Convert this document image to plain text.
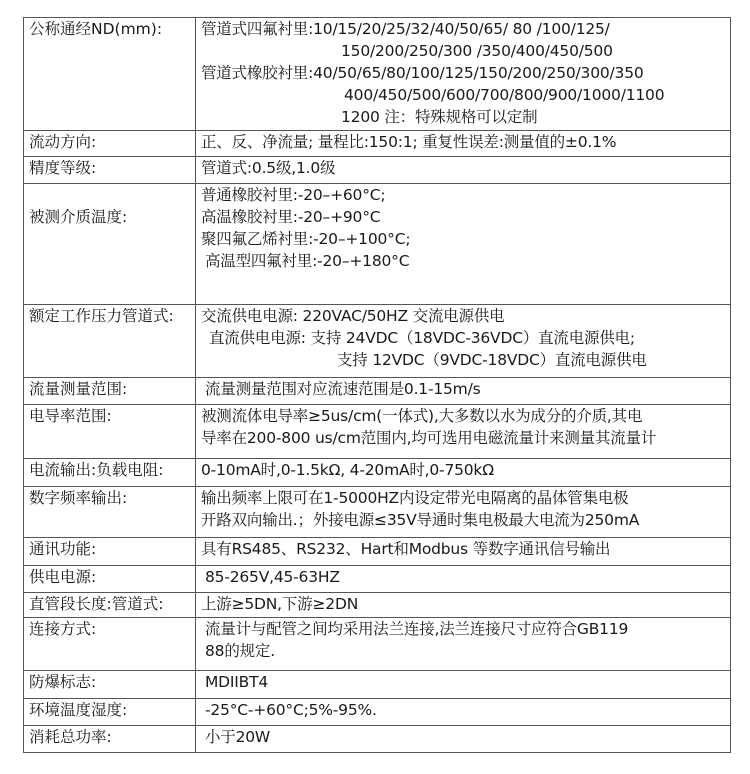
公称通经ND(mm):	管道式四氟衬里:10/15/20/25/32/40/50/65/ 80 /100/125/
150/200/250/300 /350/400/450/500
管道式橡胶衬里:40/50/65/80/100/125/150/200/250/300/350
400/450/500/600/700/800/900/1000/1100
1200 注：特殊规格可以定制

流动方向:	正、反、净流量; 量程比:150:1; 重复性误差:测量值的±0.1%
精度等级:	管道式:0.5级,1.0级
被测介质温度:	普通橡胶衬里:-20–+60°C;
高温橡胶衬里:-20–+90°C
聚四氟乙烯衬里:-20–+100°C;
高温型四氟衬里:-20–+180°C

额定工作压力管道式:	交流供电电源: 220VAC/50HZ 交流电源供电
直流供电电源: 支持 24VDC（18VDC-36VDC）直流电源供电;
支持 12VDC（9VDC-18VDC）直流电源供电

流量测量范围:	流量测量范围对应流速范围是0.1-15m/s

电导率范围:	被测流体电导率≥5us/cm(一体式),大多数以水为成分的介质,其电
导率在200-800 us/cm范围内,均可选用电磁流量计来测量其流量计

电流输出:负载电阻:	0-10mA时,0-1.5kΩ, 4-20mA时,0-750kΩ
数字频率输出:	输出频率上限可在1-5000HZ内设定带光电隔离的晶体管集电极
开路双向输出.；外接电源≤35V导通时集电极最大电流为250mA

通讯功能:	具有RS485、RS232、Hart和Modbus 等数字通讯信号输出
供电电源:	85-265V,45-63HZ

直管段长度:管道式:	上游≥5DN,下游≥2DN
连接方式:	流量计与配管之间均采用法兰连接,法兰连接尺寸应符合GB119
88的规定.

防爆标志:	MDIIBT4

环境温度湿度:	-25°C-+60°C;5%-95%.

消耗总功率:	小于20W
